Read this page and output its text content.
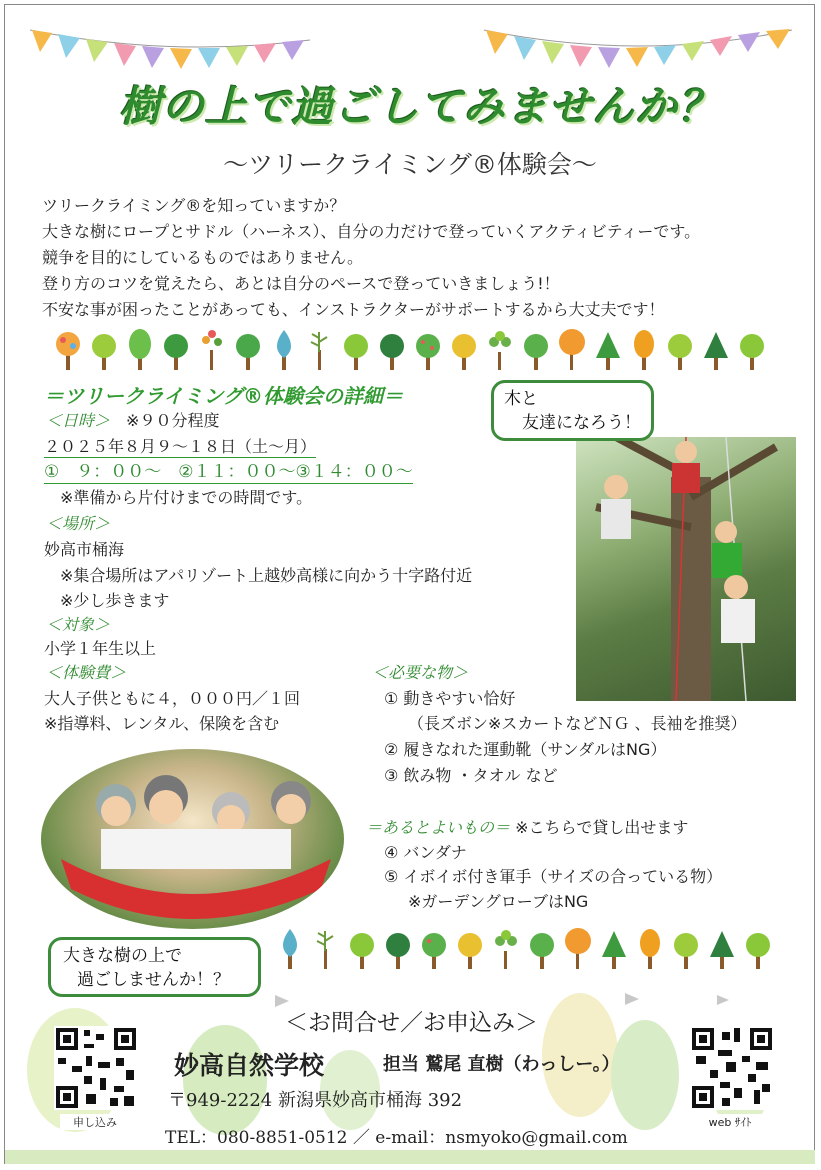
樹の上で過ごしてみませんか？
～ツリークライミング®体験会～
ツリークライミング®を知っていますか？
大きな樹にロープとサドル（ハーネス）、自分の力だけで登っていくアクティビティーです。
競争を目的にしているものではありません。
登り方のコツを覚えたら、あとは自分のペースで登っていきましょう!！
不安な事が困ったことがあっても、インストラクターがサポートするから大丈夫です！
＝ツリークライミング®体験会の詳細＝
＜日時＞　 ※９０分程度
２０２５年８月９～１８日（土～月）
①　９：００～　②１１：００～③１４：００～
※準備から片付けまでの時間です。
＜場所＞
妙高市桶海
※集合場所はアパリゾート上越妙高様に向かう十字路付近
※少し歩きます
＜対象＞
小学１年生以上
＜体験費＞
大人子供ともに４，０００円／１回
※指導料、レンタル、保険を含む
＜必要な物＞
① 動きやすい恰好
（長ズボン※スカートなどＮＧ 、長袖を推奨）
② 履きなれた運動靴（サンダルはNG）
③ 飲み物 ・タオル など
＝あるとよいもの＝ ※こちらで貸し出せます
④ バンダナ
⑤ イボイボ付き軍手（サイズの合っている物）
※ガーデングローブはNG
木と
友達になろう！
大きな樹の上で
過ごしませんか！？
＜お問合せ／お申込み＞
妙高自然学校	担当 鷲尾 直樹（わっしー。）
〒949-2224 新潟県妙高市桶海 392
TEL：080-8851-0512 ／ e-mail：nsmyoko@gmail.com
申し込み	web ｻｲﾄ
